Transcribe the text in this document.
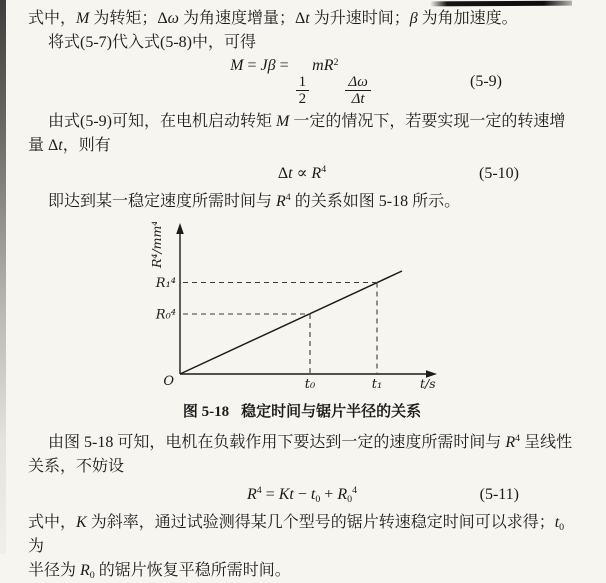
式中，M 为转矩；Δω 为角速度增量；Δt 为升速时间；β 为角加速度。

将式(5-7)代入式(5-8)中，可得

M = Jβ =
$\frac{1}{2}$
$mR^2$
$\frac{\Delta\omega}{\Delta t}$	(5-9)

由式(5-9)可知，在电机启动转矩 M 一定的情况下，若要实现一定的转速增

量 Δt，则有

$\Delta t \propto R^4$	(5-10)

即达到某一稳定速度所需时间与 $R^4$ 的关系如图 5-18 所示。

R⁴/mm⁴
R₁⁴
R₀⁴
O	t₀	t₁	t/s
图 5-18 稳定时间与锯片半径的关系

由图 5-18 可知，电机在负载作用下要达到一定的速度所需时间与 $R^4$ 呈线性

关系，不妨设

$R^4 = Kt - t_0 + R_0^4$	(5-11)

式中，K 为斜率，通过试验测得某几个型号的锯片转速稳定时间可以求得；$t_0$ 为

半径为 $R_0$ 的锯片恢复平稳所需时间。
